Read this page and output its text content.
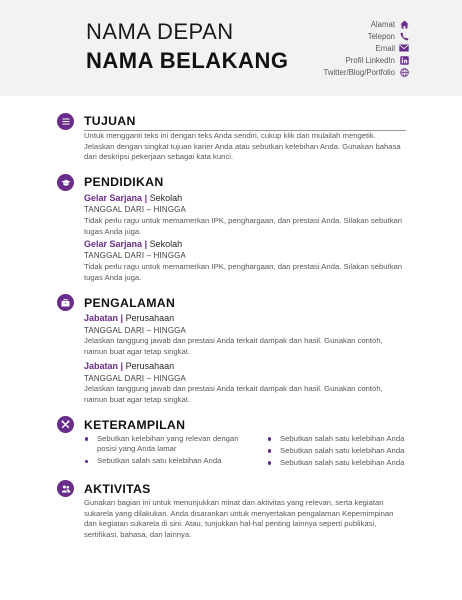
NAMA DEPAN
NAMA BELAKANG
Alamat
Telepon
Email
Profil LinkedIn
Twitter/Blog/Portfolio
TUJUAN
Untuk mengganti teks ini dengan teks Anda sendiri, cukup klik dan mulailah mengetik. Jelaskan dengan singkat tujuan karier Anda atau sebutkan kelebihan Anda. Gunakan bahasa dari deskripsi pekerjaan sebagai kata kunci.
PENDIDIKAN
Gelar Sarjana | Sekolah
TANGGAL DARI – HINGGA
Tidak perlu ragu untuk memamerkan IPK, penghargaan, dan prestasi Anda. Silakan sebutkan tugas Anda juga.
Gelar Sarjana | Sekolah
TANGGAL DARI – HINGGA
Tidak perlu ragu untuk memamerkan IPK, penghargaan, dan prestasi Anda. Silakan sebutkan tugas Anda juga.
PENGALAMAN
Jabatan | Perusahaan
TANGGAL DARI – HINGGA
Jelaskan tanggung jawab dan prestasi Anda terkait dampak dan hasil. Gunakan contoh, namun buat agar tetap singkat.
Jabatan | Perusahaan
TANGGAL DARI – HINGGA
Jelaskan tanggung jawab dan prestasi Anda terkait dampak dan hasil. Gunakan contoh, namun buat agar tetap singkat.
KETERAMPILAN
Sebutkan kelebihan yang relevan dengan posisi yang Anda lamar
Sebutkan salah satu kelebihan Anda
Sebutkan salah satu kelebihan Anda
Sebutkan salah satu kelebihan Anda
Sebutkan salah satu kelebihan Anda
AKTIVITAS
Gunakan bagian ini untuk menunjukkan minat dan aktivitas yang relevan, serta kegiatan sukarela yang dilakukan. Anda disarankan untuk menyertakan pengalaman Kepemimpinan dan kegiatan sukarela di sini. Atau, tunjukkan hal-hal penting lainnya seperti publikasi, sertifikasi, bahasa, dan lainnya.
